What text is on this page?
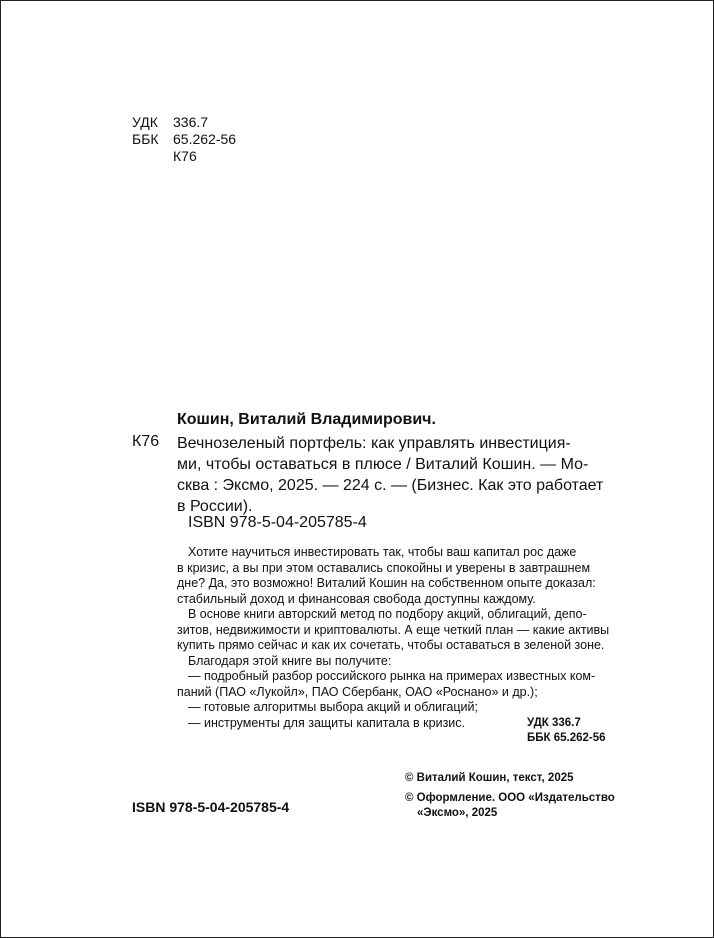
УДК	336.7
ББК	65.262-56
К76
Кошин, Виталий Владимирович.
К76 Вечнозеленый портфель: как управлять инвестиция-
ми, чтобы оставаться в плюсе / Виталий Кошин. — Мо-
сква : Эксмо, 2025. — 224 с. — (Бизнес. Как это работает
в России).
ISBN 978-5-04-205785-4
Хотите научиться инвестировать так, чтобы ваш капитал рос даже
в кризис, а вы при этом оставались спокойны и уверены в завтрашнем
дне? Да, это возможно! Виталий Кошин на собственном опыте доказал:
стабильный доход и финансовая свобода доступны каждому.
В основе книги авторский метод по подбору акций, облигаций, депо-
зитов, недвижимости и криптовалюты. А еще четкий план — какие активы
купить прямо сейчас и как их сочетать, чтобы оставаться в зеленой зоне.
Благодаря этой книге вы получите:
— подробный разбор российского рынка на примерах известных ком-
паний (ПАО «Лукойл», ПАО Сбербанк, ОАО «Роснано» и др.);
— готовые алгоритмы выбора акций и облигаций;
— инструменты для защиты капитала в кризис.	УДК 336.7
ББК 65.262-56
© Виталий Кошин, текст, 2025
© Оформление. ООО «Издательство
«Эксмо», 2025
ISBN 978-5-04-205785-4
